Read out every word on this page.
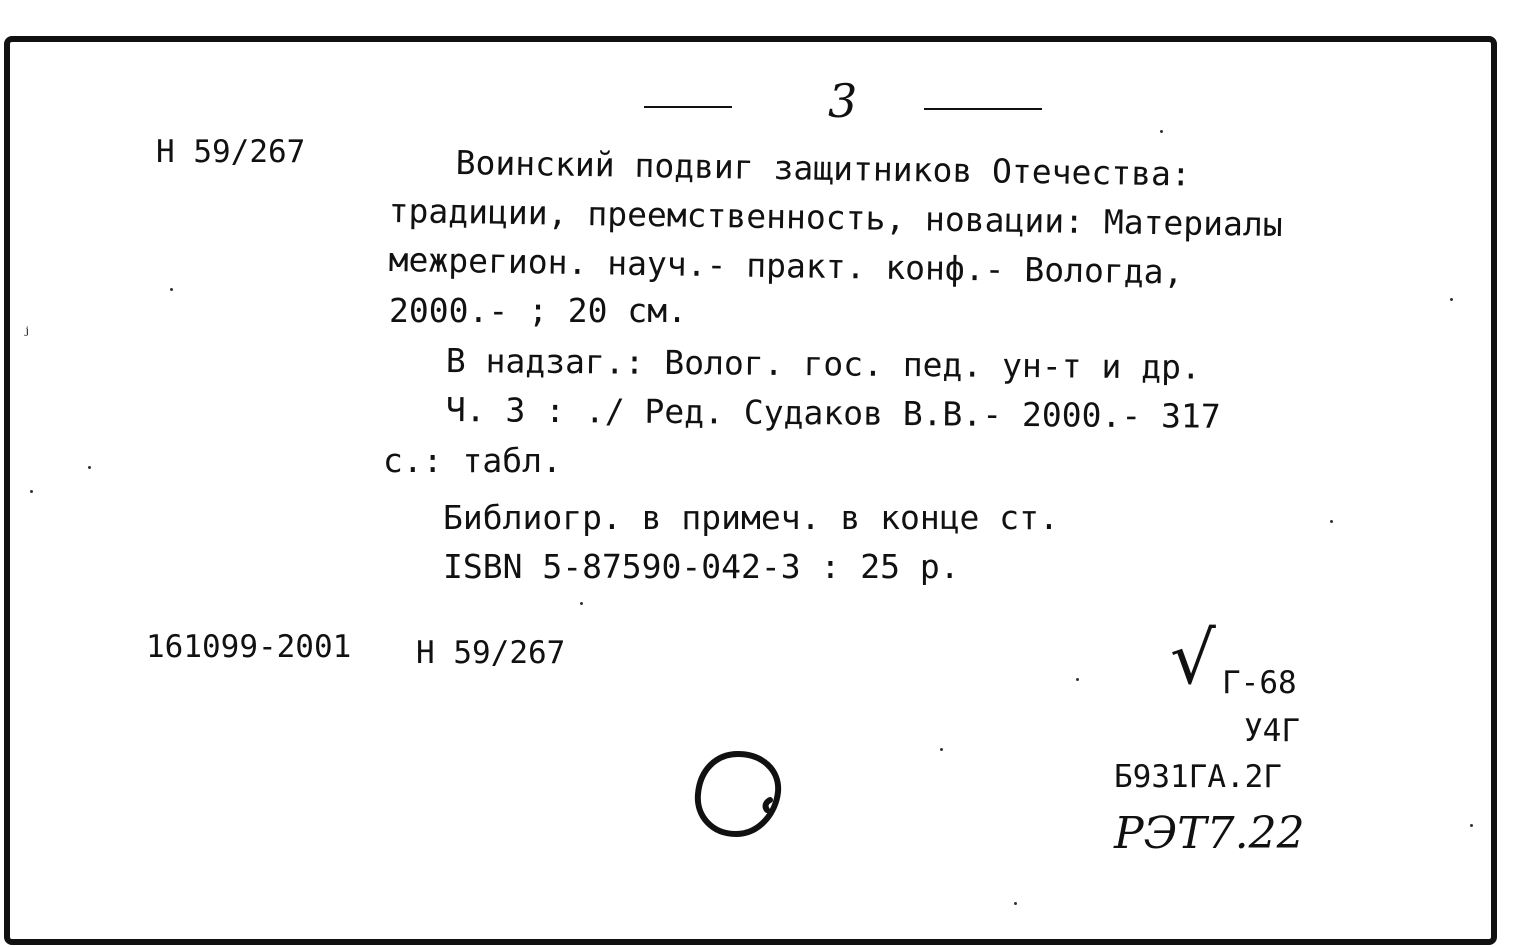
3

Н 59/267	Воинский подвиг защитников Отечества:

традиции, преемственность, новации: Материалы

межрегион. науч.- практ. конф.- Вологда,

2000.- ; 20 см.

В надзаг.: Волог. гос. пед. ун-т и др.

Ч. 3 : ./ Ред. Судаков В.В.- 2000.- 317

с.: табл.

Библиогр. в примеч. в конце ст.

ISBN 5-87590-042-3 : 25 р.

161099-2001 Н 59/267	√ Г-68

У4Г

Б931ГА.2Г

РЭТ7.22
ʲ
